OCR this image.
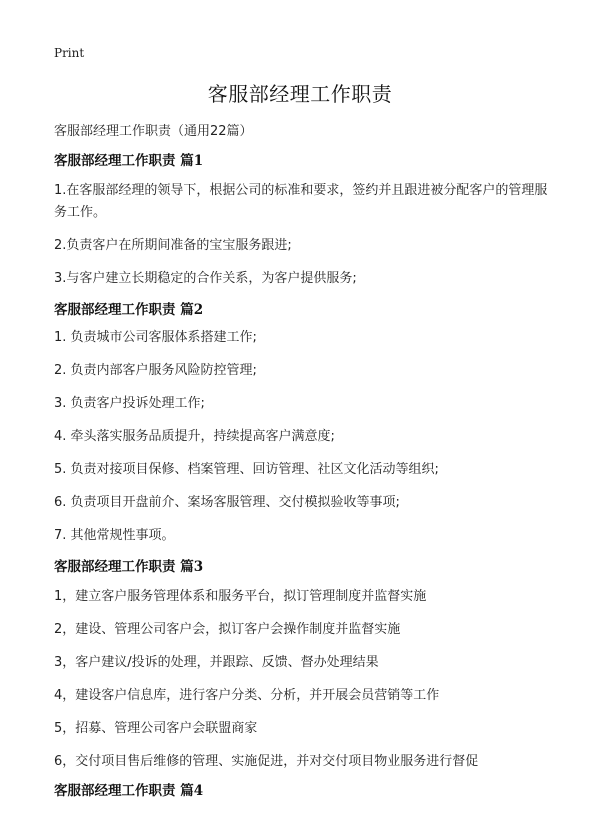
Print
客服部经理工作职责
客服部经理工作职责（通用22篇）
客服部经理工作职责 篇1

1.在客服部经理的领导下，根据公司的标准和要求，签约并且跟进被分配客户的管理服务工作。

2.负责客户在所期间准备的宝宝服务跟进;

3.与客户建立长期稳定的合作关系，为客户提供服务;

客服部经理工作职责 篇2

1. 负责城市公司客服体系搭建工作;

2. 负责内部客户服务风险防控管理;

3. 负责客户投诉处理工作;

4. 牵头落实服务品质提升，持续提高客户满意度;

5. 负责对接项目保修、档案管理、回访管理、社区文化活动等组织;

6. 负责项目开盘前介、案场客服管理、交付模拟验收等事项;

7. 其他常规性事项。

客服部经理工作职责 篇3

1，建立客户服务管理体系和服务平台，拟订管理制度并监督实施

2，建设、管理公司客户会，拟订客户会操作制度并监督实施

3，客户建议/投诉的处理，并跟踪、反馈、督办处理结果

4，建设客户信息库，进行客户分类、分析，并开展会员营销等工作

5，招募、管理公司客户会联盟商家

6，交付项目售后维修的管理、实施促进，并对交付项目物业服务进行督促

客服部经理工作职责 篇4
